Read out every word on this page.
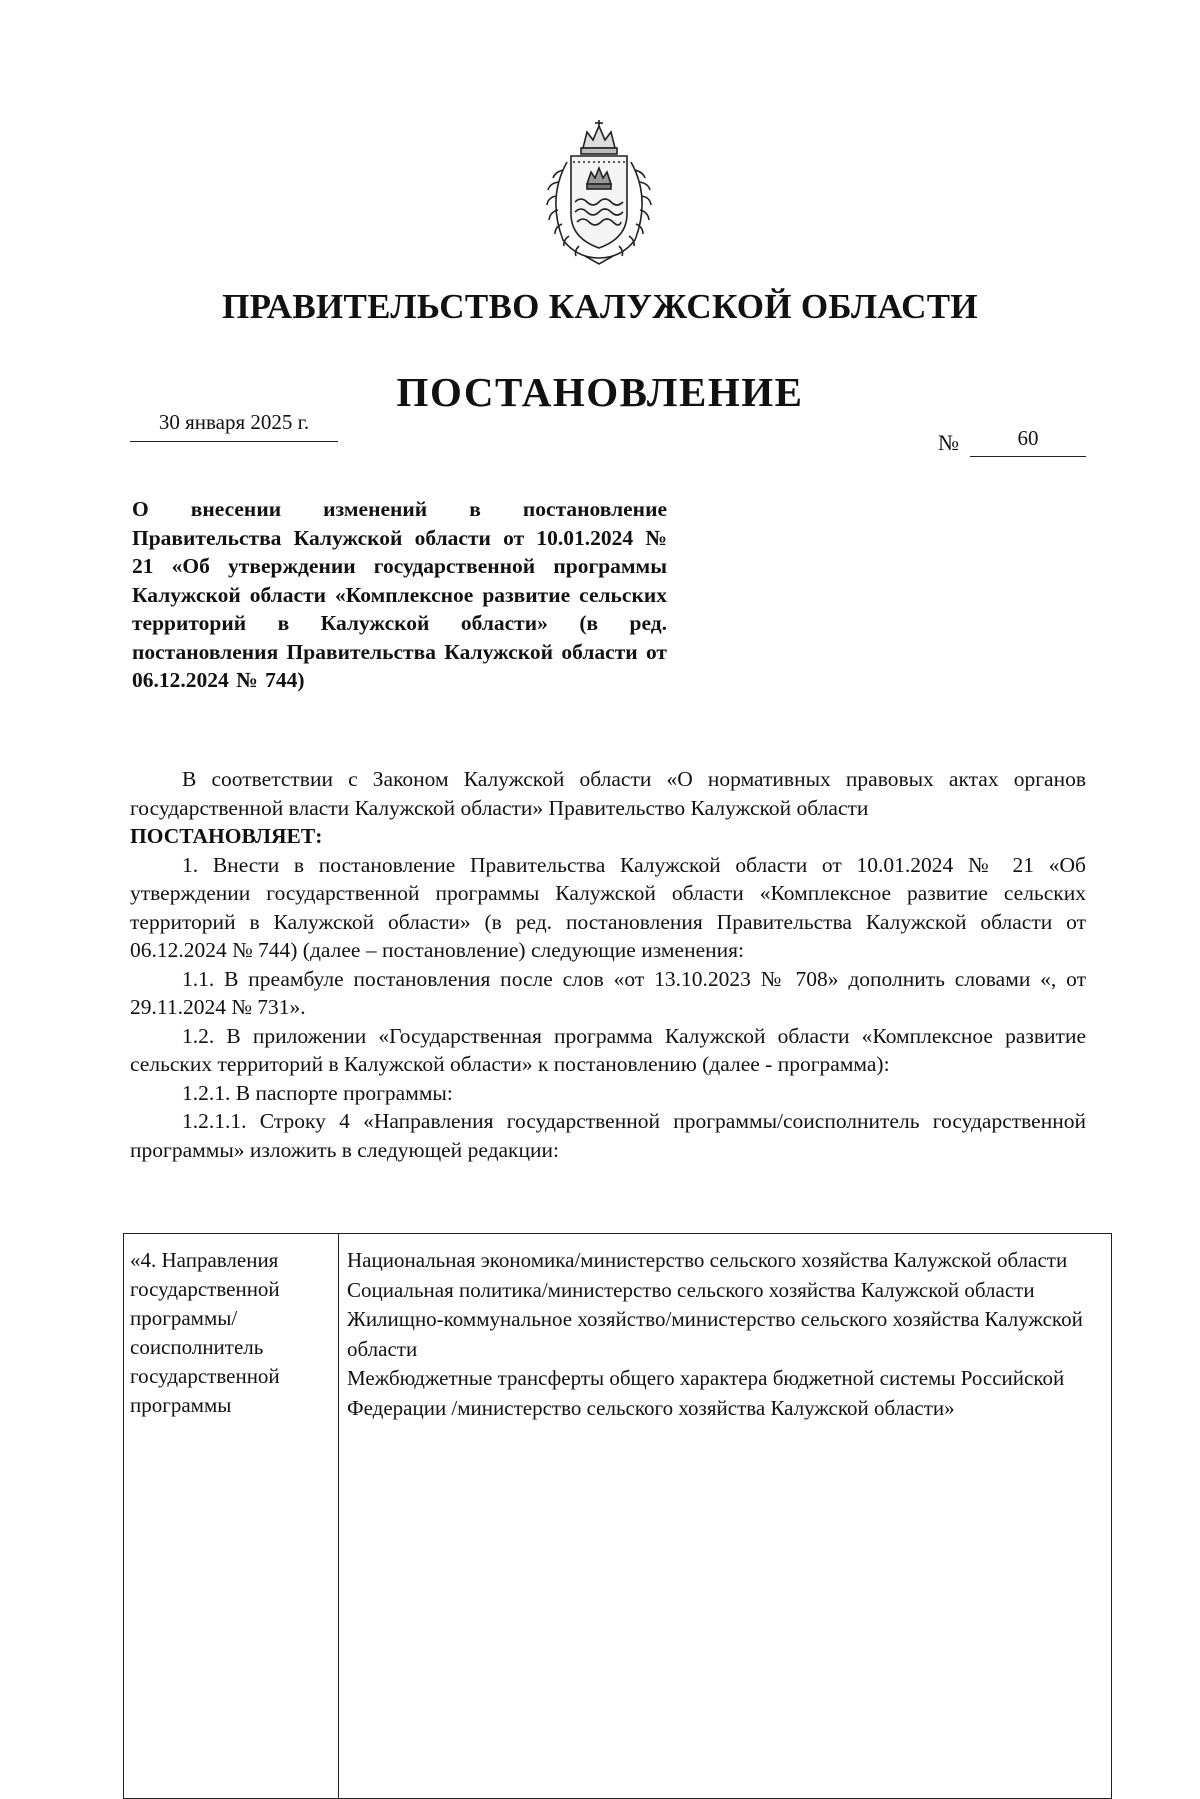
ПРАВИТЕЛЬСТВО КАЛУЖСКОЙ ОБЛАСТИ
ПОСТАНОВЛЕНИЕ
30 января 2025 г.
№	60
О внесении изменений в постановление Правительства Калужской области от 10.01.2024 № 21 «Об утверждении государственной программы Калужской области «Комплексное развитие сельских территорий в Калужской области» (в ред. постановления Правительства Калужской области от 06.12.2024 № 744)

В соответствии с Законом Калужской области «О нормативных правовых актах органов государственной власти Калужской области» Правительство Калужской области

ПОСТАНОВЛЯЕТ:

1. Внести в постановление Правительства Калужской области от 10.01.2024 № 21 «Об утверждении государственной программы Калужской области «Комплексное развитие сельских территорий в Калужской области» (в ред. постановления Правительства Калужской области от 06.12.2024 № 744) (далее – постановление) следующие изменения:

1.1. В преамбуле постановления после слов «от 13.10.2023 № 708» дополнить словами «, от 29.11.2024 № 731».

1.2. В приложении «Государственная программа Калужской области «Комплексное развитие сельских территорий в Калужской области» к постановлению (далее - программа):

1.2.1. В паспорте программы:

1.2.1.1. Строку 4 «Направления государственной программы/соисполнитель государственной программы» изложить в следующей редакции:

«4. Направления государственной программы/ соисполнитель государственной программы
Национальная экономика/министерство сельского хозяйства Калужской области
Социальная политика/министерство сельского хозяйства Калужской области
Жилищно-коммунальное хозяйство/министерство сельского хозяйства Калужской области
Межбюджетные трансферты общего характера бюджетной системы Российской Федерации /министерство сельского хозяйства Калужской области»
